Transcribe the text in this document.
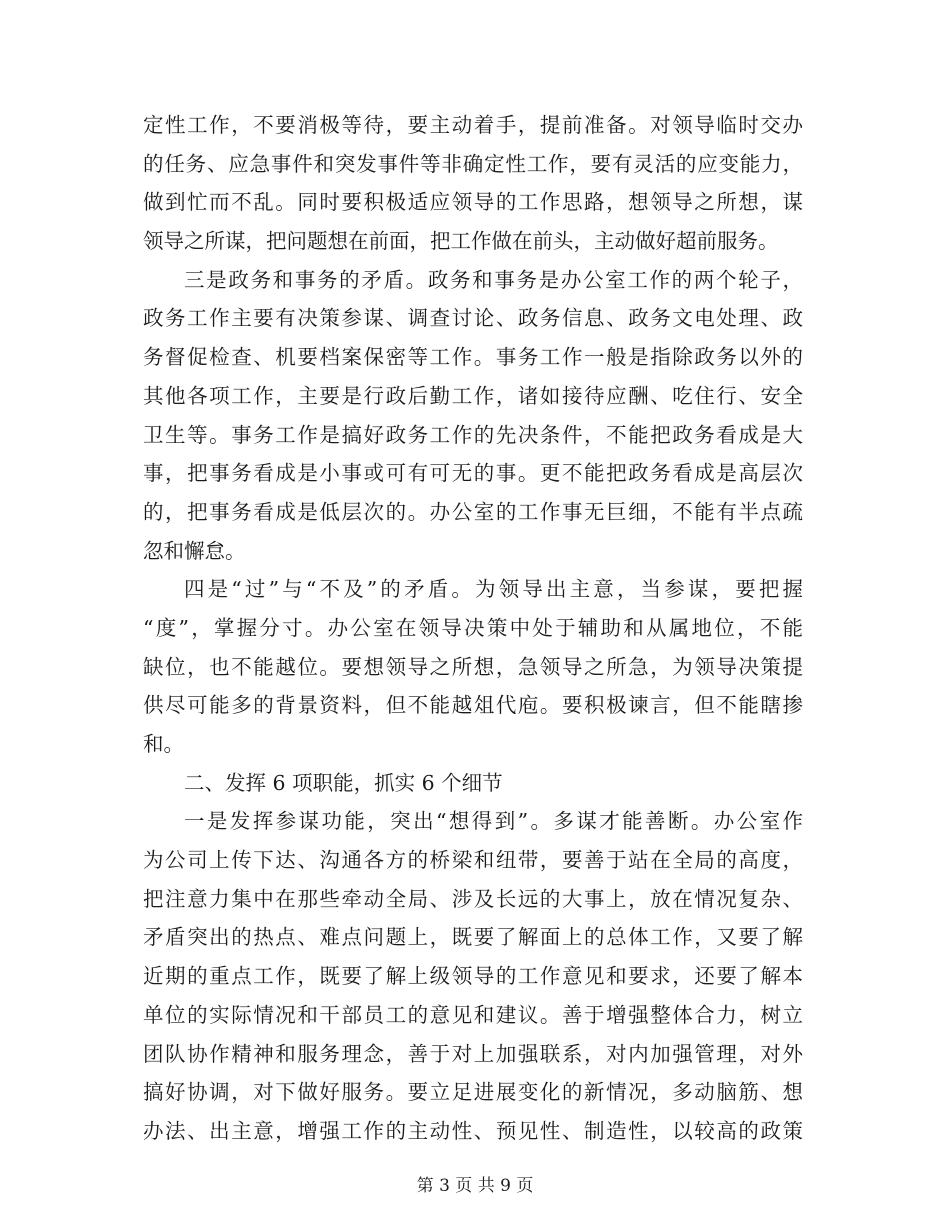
定性工作，不要消极等待，要主动着手，提前准备。对领导临时交办
的任务、应急事件和突发事件等非确定性工作，要有灵活的应变能力，
做到忙而不乱。同时要积极适应领导的工作思路，想领导之所想，谋
领导之所谋，把问题想在前面，把工作做在前头，主动做好超前服务。
三是政务和事务的矛盾。政务和事务是办公室工作的两个轮子，
政务工作主要有决策参谋、调查讨论、政务信息、政务文电处理、政
务督促检查、机要档案保密等工作。事务工作一般是指除政务以外的
其他各项工作，主要是行政后勤工作，诸如接待应酬、吃住行、安全
卫生等。事务工作是搞好政务工作的先决条件，不能把政务看成是大
事，把事务看成是小事或可有可无的事。更不能把政务看成是高层次
的，把事务看成是低层次的。办公室的工作事无巨细，不能有半点疏
忽和懈怠。
四是“过”与“不及”的矛盾。为领导出主意，当参谋，要把握
“度”，掌握分寸。办公室在领导决策中处于辅助和从属地位，不能
缺位，也不能越位。要想领导之所想，急领导之所急，为领导决策提
供尽可能多的背景资料，但不能越俎代庖。要积极谏言，但不能瞎掺
和。
二、发挥 6 项职能，抓实 6 个细节
一是发挥参谋功能，突出“想得到”。多谋才能善断。办公室作
为公司上传下达、沟通各方的桥梁和纽带，要善于站在全局的高度，
把注意力集中在那些牵动全局、涉及长远的大事上，放在情况复杂、
矛盾突出的热点、难点问题上，既要了解面上的总体工作，又要了解
近期的重点工作，既要了解上级领导的工作意见和要求，还要了解本
单位的实际情况和干部员工的意见和建议。善于增强整体合力，树立
团队协作精神和服务理念，善于对上加强联系，对内加强管理，对外
搞好协调，对下做好服务。要立足进展变化的新情况，多动脑筋、想
办法、出主意，增强工作的主动性、预见性、制造性，以较高的政策
第 3 页 共 9 页
